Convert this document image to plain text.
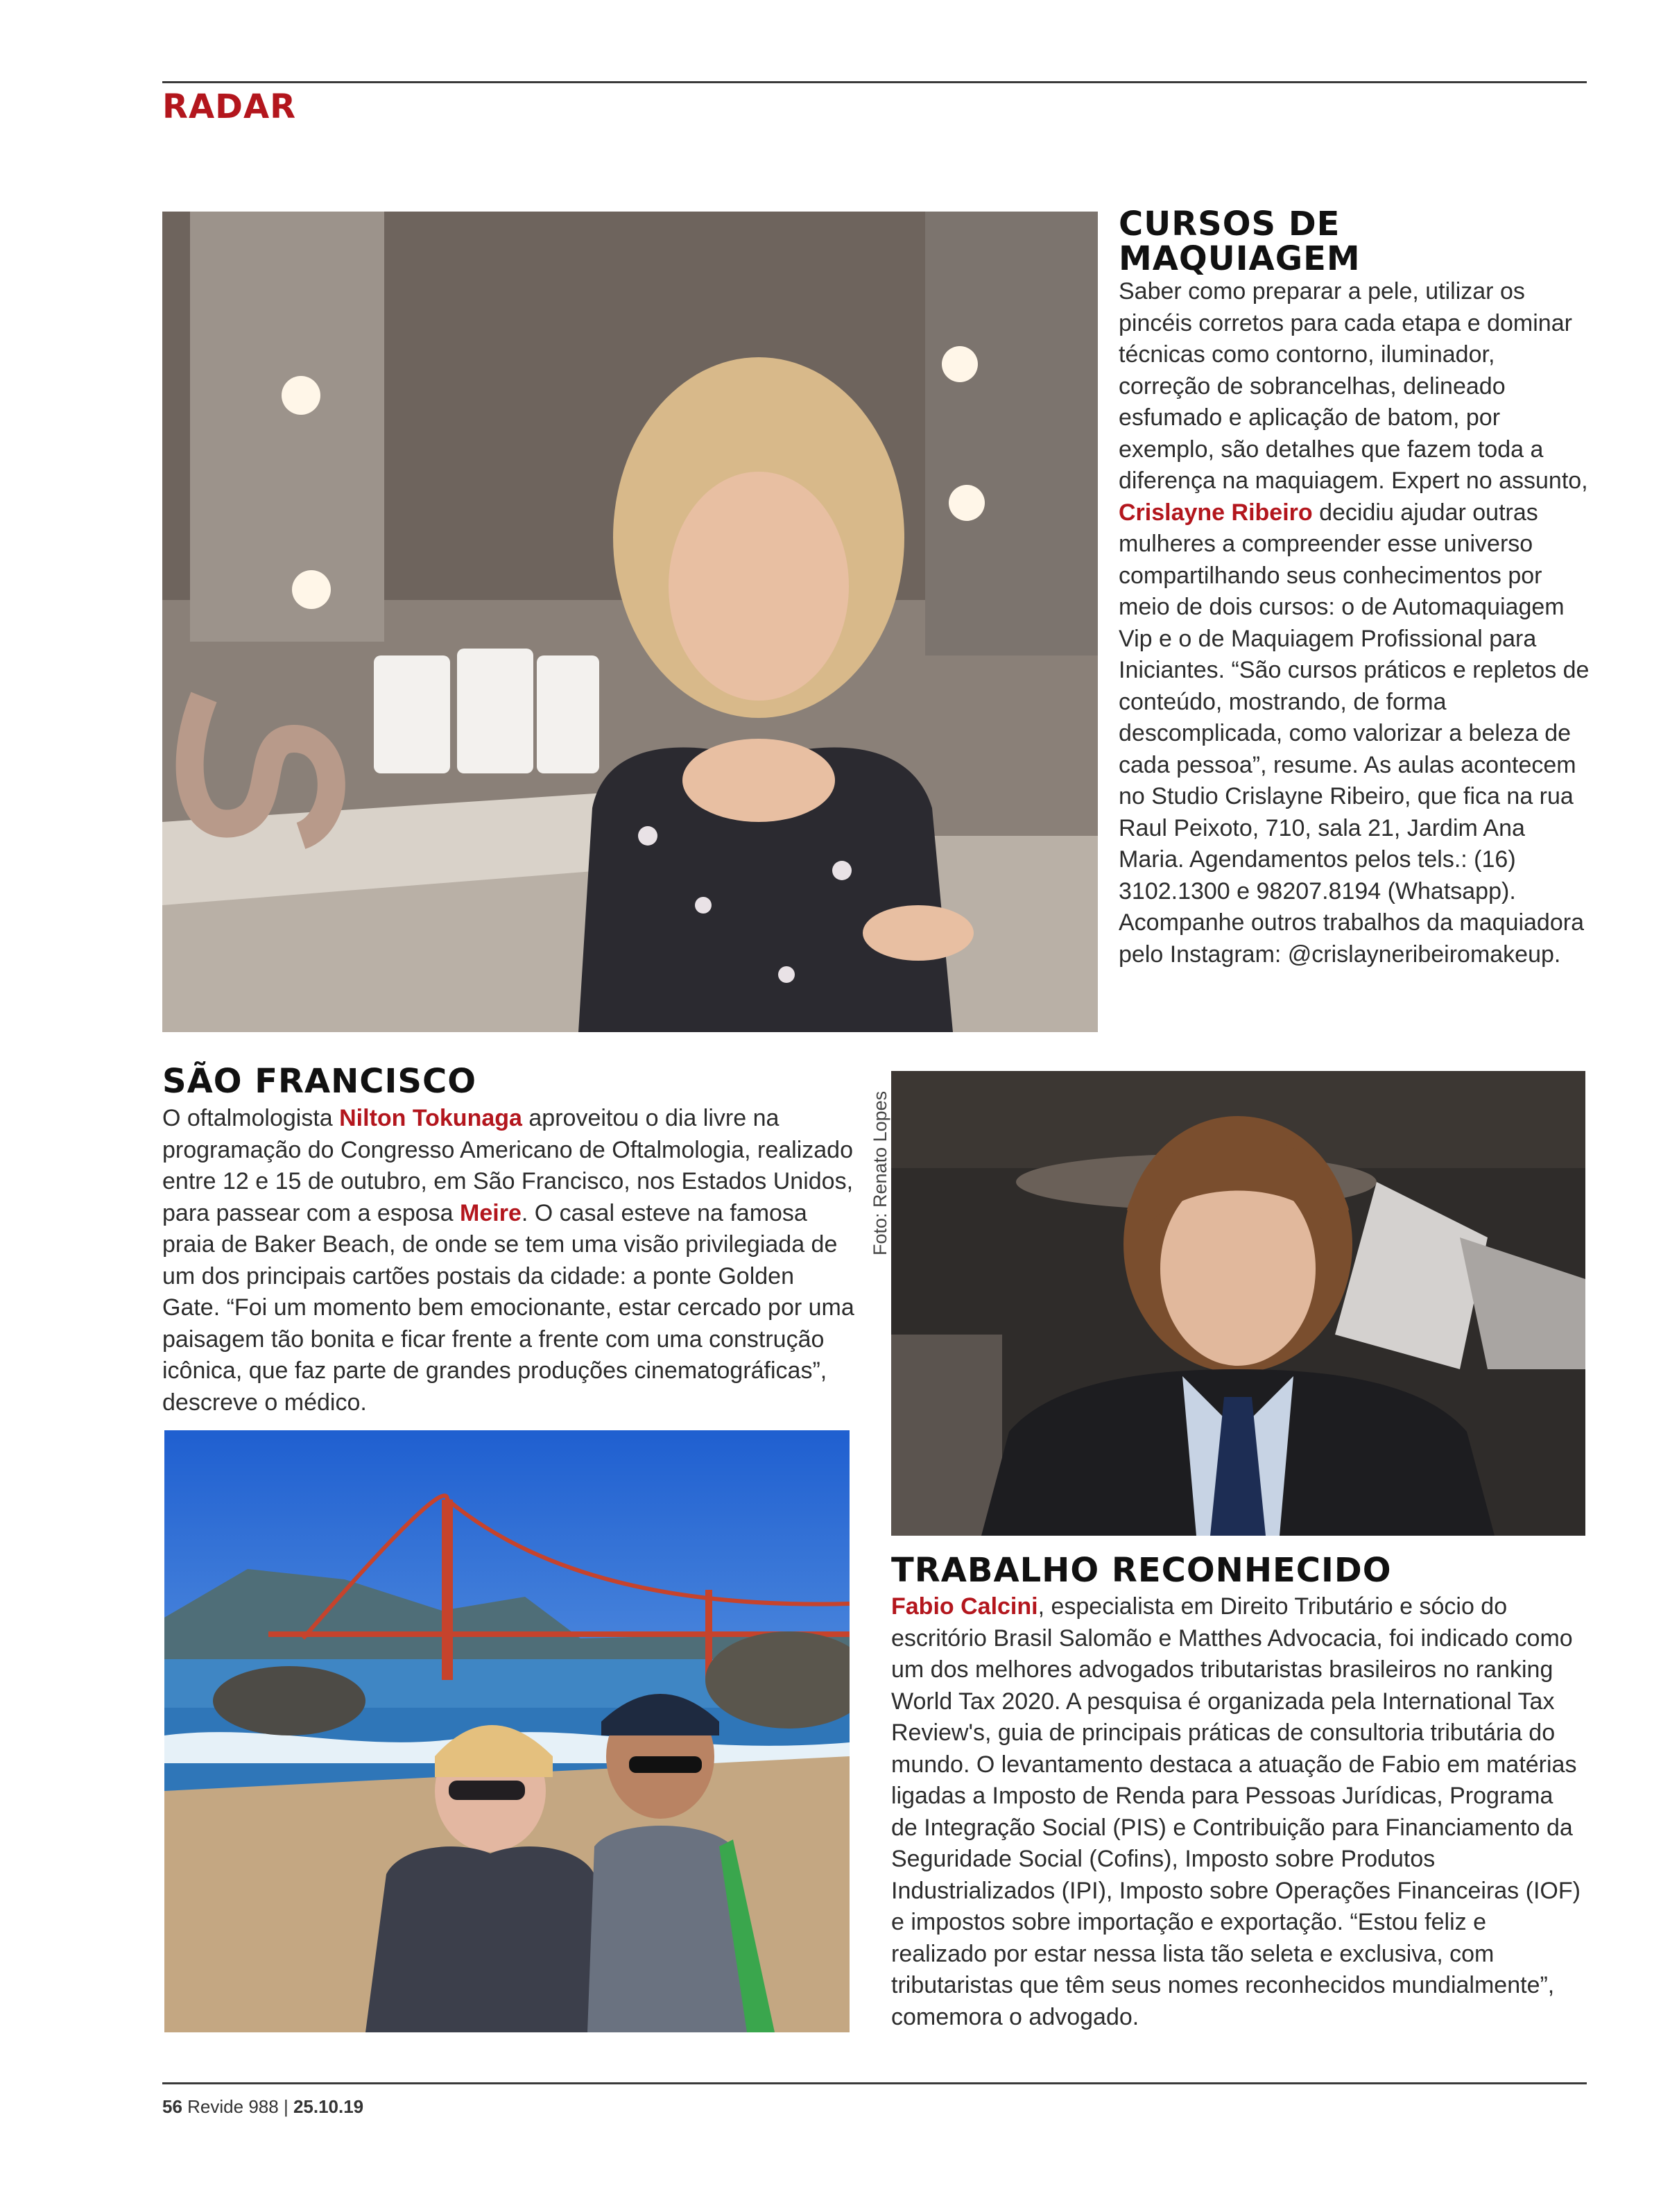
RADAR
CURSOS DE
MAQUIAGEM

Saber como preparar a pele, utilizar os pincéis corretos para cada etapa e dominar técnicas como contorno, iluminador, correção de sobrancelhas, delineado esfumado e aplicação de batom, por exemplo, são detalhes que fazem toda a diferença na maquiagem. Expert no assunto, Crislayne Ribeiro decidiu ajudar outras mulheres a compreender esse universo compartilhando seus conhecimentos por meio de dois cursos: o de Automaquiagem Vip e o de Maquiagem Profissional para Iniciantes. “São cursos práticos e repletos de conteúdo, mostrando, de forma descomplicada, como valorizar a beleza de cada pessoa”, resume. As aulas acontecem no Studio Crislayne Ribeiro, que fica na rua Raul Peixoto, 710, sala 21, Jardim Ana Maria. Agendamentos pelos tels.: (16) 3102.1300 e 98207.8194 (Whatsapp). Acompanhe outros trabalhos da maquiadora pelo Instagram: @crislayneribeiromakeup.

SÃO FRANCISCO

O oftalmologista Nilton Tokunaga aproveitou o dia livre na programação do Congresso Americano de Oftalmologia, realizado entre 12 e 15 de outubro, em São Francisco, nos Estados Unidos, para passear com a esposa Meire. O casal esteve na famosa praia de Baker Beach, de onde se tem uma visão privilegiada de um dos principais cartões postais da cidade: a ponte Golden Gate. “Foi um momento bem emocionante, estar cercado por uma paisagem tão bonita e ficar frente a frente com uma construção icônica, que faz parte de grandes produções cinematográficas”, descreve o médico.

Foto: Renato Lopes
TRABALHO RECONHECIDO

Fabio Calcini, especialista em Direito Tributário e sócio do escritório Brasil Salomão e Matthes Advocacia, foi indicado como um dos melhores advogados tributaristas brasileiros no ranking World Tax 2020. A pesquisa é organizada pela International Tax Review's, guia de principais práticas de consultoria tributária do mundo. O levantamento destaca a atuação de Fabio em matérias ligadas a Imposto de Renda para Pessoas Jurídicas, Programa de Integração Social (PIS) e Contribuição para Financiamento da Seguridade Social (Cofins), Imposto sobre Produtos Industrializados (IPI), Imposto sobre Operações Financeiras (IOF) e impostos sobre importação e exportação. “Estou feliz e realizado por estar nessa lista tão seleta e exclusiva, com tributaristas que têm seus nomes reconhecidos mundialmente”, comemora o advogado.

56 Revide 988 | 25.10.19
